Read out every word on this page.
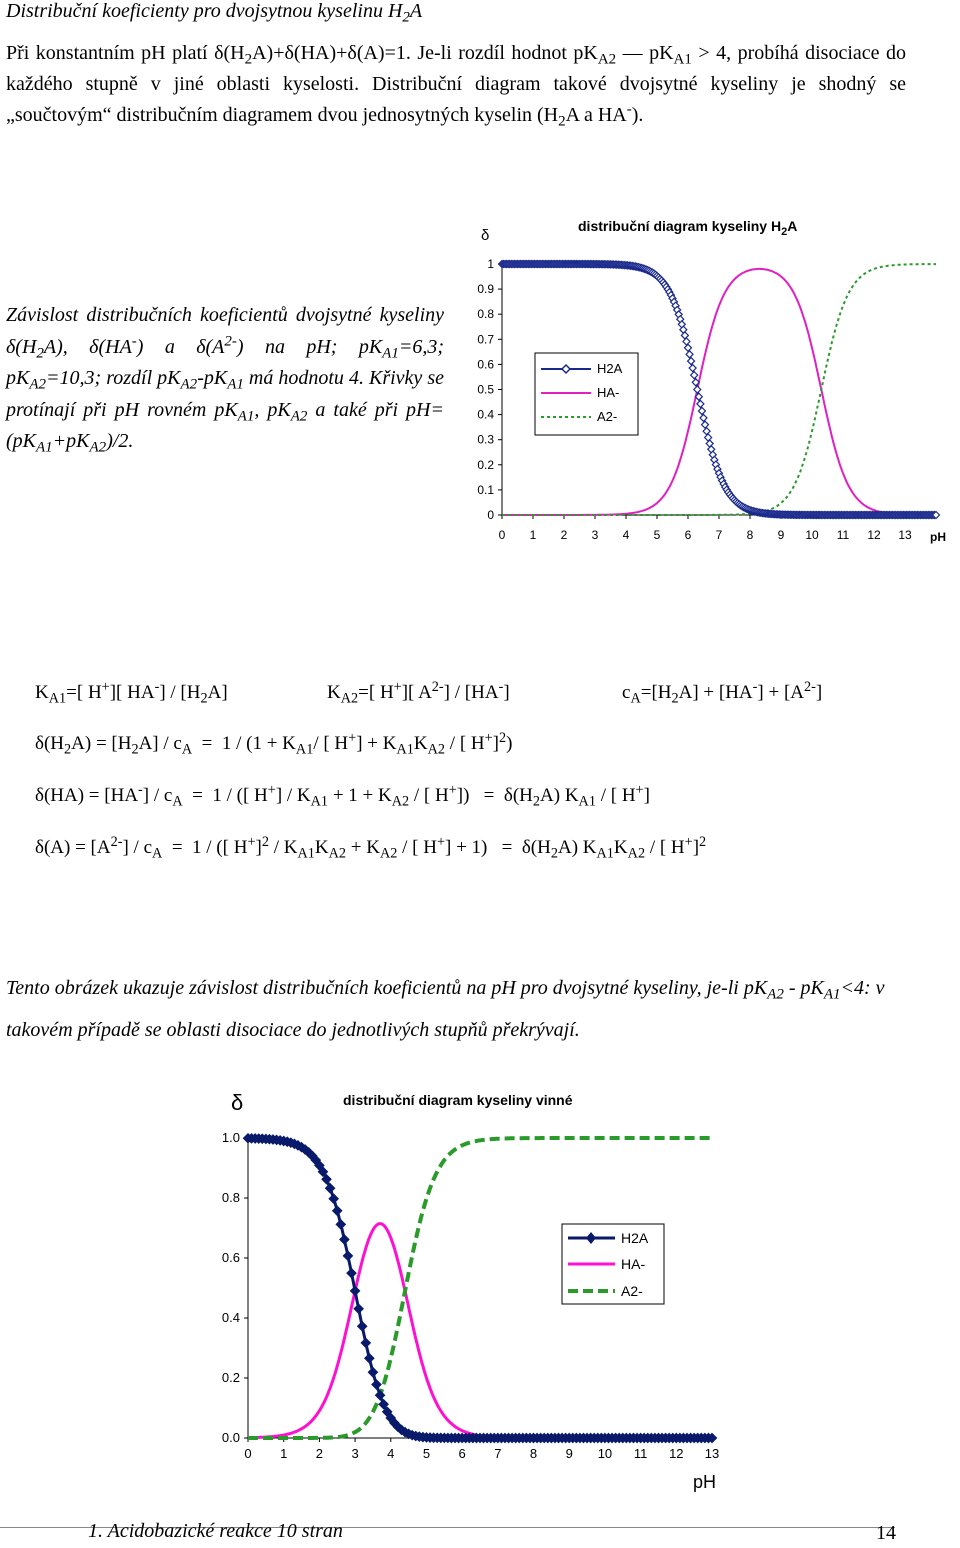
Distribuční koeficienty pro dvojsytnou kyselinu $H_2A$
Při konstantním pH platí $\delta(H_2A)+\delta(HA)+\delta(A)=1$. Je-li rozdíl hodnot $pK_{A2}$ — $pK_{A1} > 4$, probíhá disociace do každého stupně v jiné oblasti kyselosti. Distribuční diagram takové dvojsytné kyseliny je shodný se „součtovým“ distribučním diagramem dvou jednosytných kyselin ($H_2A$ a HA-).
Závislost distribučních koeficientů dvojsytné kyseliny $\delta(H_2A)$, δ(HA-) a $\delta(A^{2-})$ na pH; $pK_{A1}=6,3$; $pK_{A2}=10,3$; rozdíl $pK_{A2}-pK_{A1}$ má hodnotu 4. Křivky se protínají při pH rovném $pK_{A1}$, $pK_{A2}$ a také při $pH=(pK_{A1}+pK_{A2})/2$.
distribuční diagram kyseliny $H_2A$
δ
pH
0
0.1
0.2
0.3
0.4
0.5
0.6
0.7
0.8
0.9
1
0 1 2 3 4 5 6 7 8 9 10 11 12 13
H2A
HA-
A2-
$K_{A1}=$[ H+][ $HA^-] / [H_2A]$	$K_{A2}=$[ H+][ $A^{2-}] / [HA^-]$	$c_A=[H_2A] + [HA^-] + [A^{2-}]$
$\delta(H_2A) = [H_2A] / c_A = 1 / (1 + K_{A1}/$ [ $H^+] + K_{A1}K_{A2}$ / [ H+]$^2$)
$\delta(HA) = [HA^-] / c_A = 1$ / ([ $H^+] / K_{A1} + 1 + K_{A2}$ / [ $H^+]) = \delta(H_2A)$ $K_{A1}$ / [ H+]
$\delta(A) = [A^{2-}] / c_A = 1$ / ([ $H^+]^2 / K_{A1}K_{A2} + K_{A2}$ / [ $H^+] + 1) = \delta(H_2A)$ $K_{A1}K_{A2}$ / [ H+]$^2$
Tento obrázek ukazuje závislost distribučních koeficientů na pH pro dvojsytné kyseliny, je-li $pK_{A2} - pK_{A1}<4$: v takovém případě se oblasti disociace do jednotlivých stupňů překrývají.
distribuční diagram kyseliny vinné
δ
pH
0.0
0.2
0.4
0.6
0.8
1.0
0 1 2 3 4 5 6 7 8 9 10 11 12 13
H2A
HA-
A2-
1. Acidobazické reakce 10 stran	14
